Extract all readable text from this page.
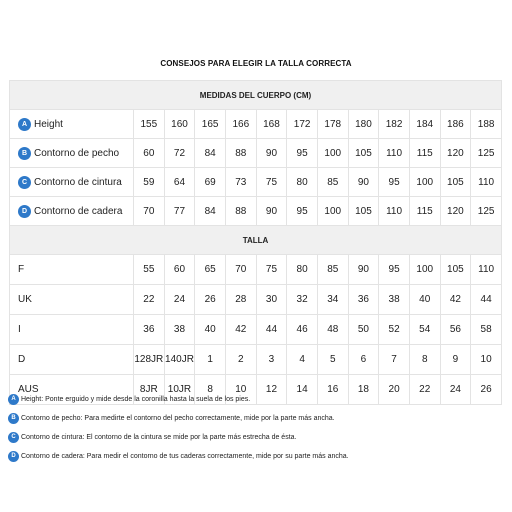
CONSEJOS PARA ELEGIR LA TALLA CORRECTA
MEDIDAS DEL CUERPO (CM)												
A Height	155	160	165	166	168	172	178	180	182	184	186	188
B Contorno de pecho	60	72	84	88	90	95	100	105	110	115	120	125
C Contorno de cintura	59	64	69	73	75	80	85	90	95	100	105	110
D Contorno de cadera	70	77	84	88	90	95	100	105	110	115	120	125
TALLA												
F	55	60	65	70	75	80	85	90	95	100	105	110
UK	22	24	26	28	30	32	34	36	38	40	42	44
I	36	38	40	42	44	46	48	50	52	54	56	58
D	128JR	140JR	1	2	3	4	5	6	7	8	9	10
AUS	8JR	10JR	8	10	12	14	16	18	20	22	24	26
A Height: Ponte erguido y mide desde la coronilla hasta la suela de los pies.
B Contorno de pecho: Para medirte el contorno del pecho correctamente, mide por la parte más ancha.
C Contorno de cintura: El contorno de la cintura se mide por la parte más estrecha de ésta.
D Contorno de cadera: Para medir el contorno de tus caderas correctamente, mide por su parte más ancha.
